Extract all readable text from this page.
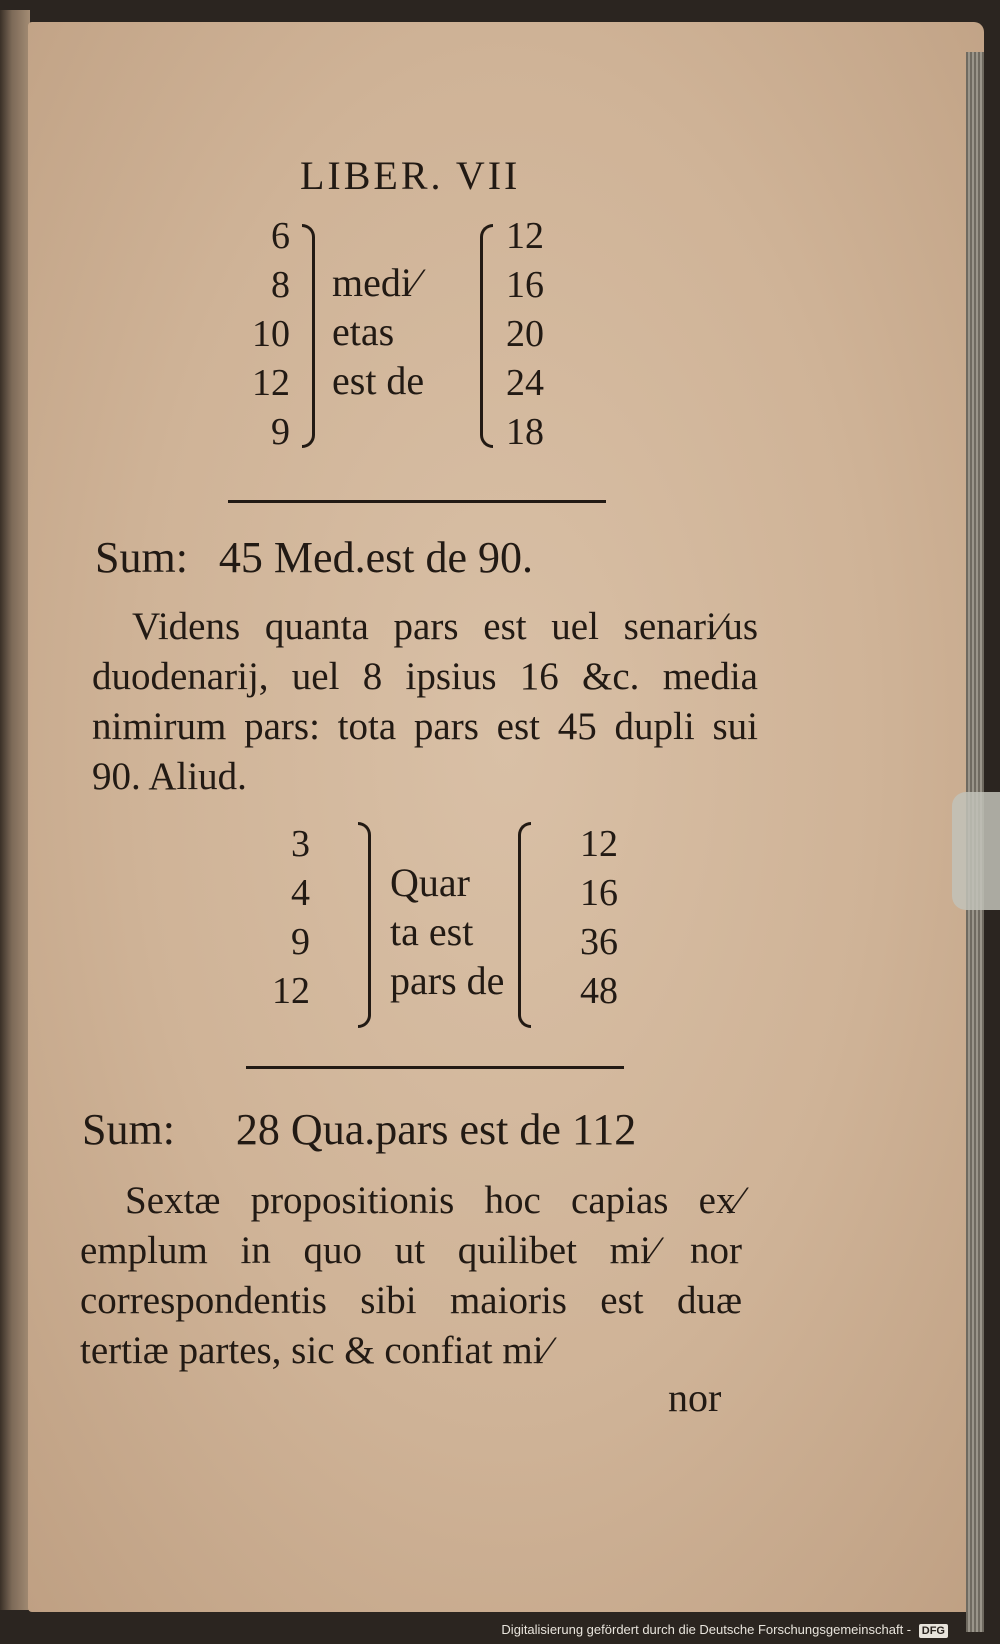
LIBER. VII
6
8
10
12
9
medi⁄
etas
est de
12
16
20
24
18
Sum: 45 Med.est de 90.

Videns quanta pars est uel senari⁄us duodenarij, uel 8 ipsius 16 &c. media nimirum pars: tota pars est 45 dupli sui 90. Aliud.

3
4
9
12
Quar
ta est
pars de
12
16
36
48
Sum: 28 Qua.pars est de 112

Sextæ propositionis hoc capias ex⁄ emplum in quo ut quilibet mi⁄ nor correspondentis sibi maioris est duæ tertiæ partes, sic & confiat mi⁄

nor
Digitalisierung gefördert durch die Deutsche Forschungsgemeinschaft - DFG
